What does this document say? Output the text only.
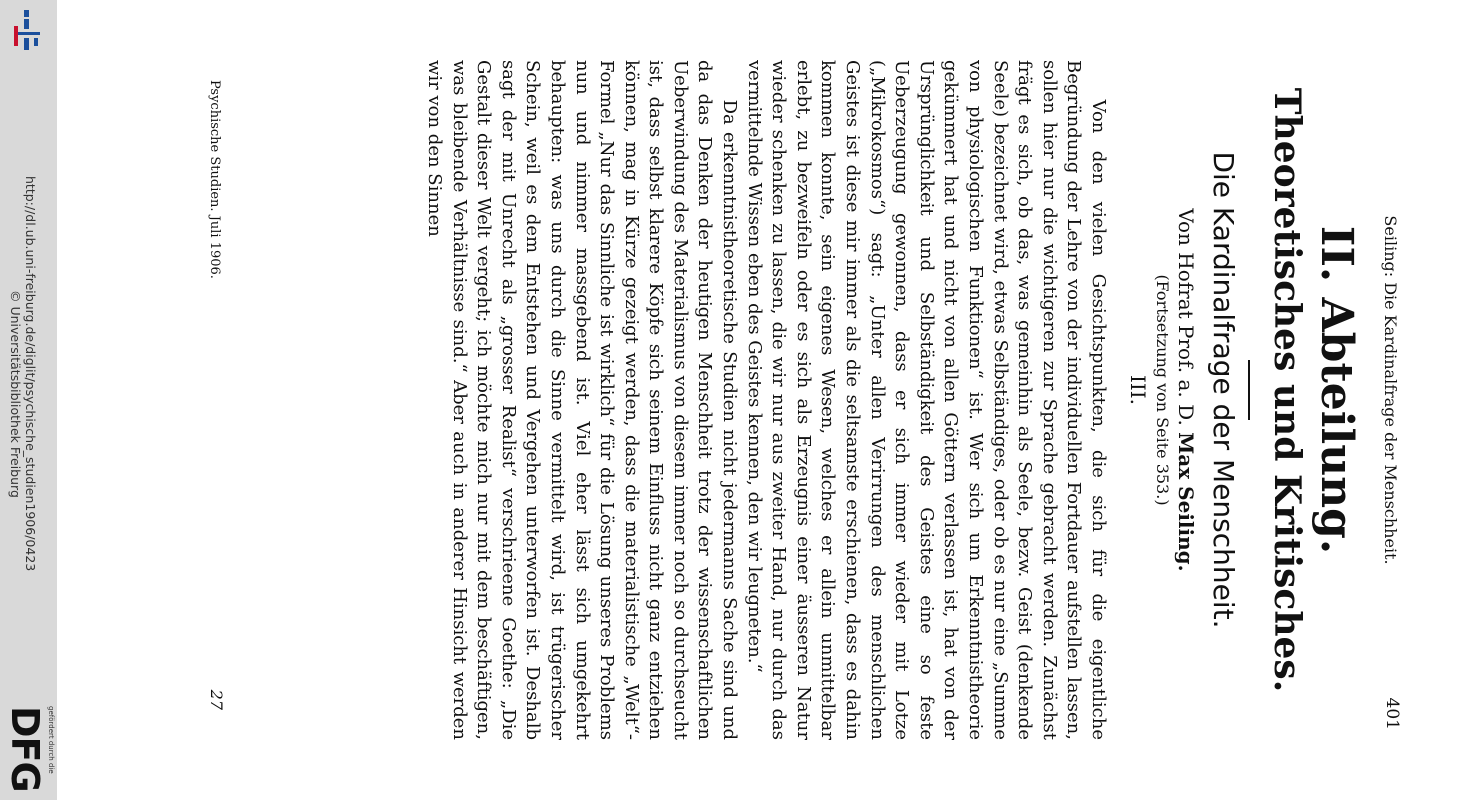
http://dl.ub.uni-freiburg.de/diglit/psychische_studien1906/0423
© Universitätsbibliothek Freiburg
DFG gefördert durch die
Seiling: Die Kardinalfrage der Menschheit.
401
II. Abteilung.
Theoretisches und Kritisches.
Die Kardinalfrage der Menschheit.
Von Hofrat Prof. a. D. Max Seiling.
(Fortsetzung von Seite 353.)
III.

Von den vielen Gesichtspunkten, die sich für die eigentliche Begründung der Lehre von der individuellen Fortdauer aufstellen lassen, sollen hier nur die wichtigeren zur Sprache gebracht werden. Zunächst frägt es sich, ob das, was gemeinhin als Seele, bezw. Geist (denkende Seele) bezeichnet wird, etwas Selbständiges, oder ob es nur eine „Summe von physiologischen Funktionen“ ist. Wer sich um Erkenntnistheorie gekümmert hat und nicht von allen Göttern verlassen ist, hat von der Ursprünglichkeit und Selbständigkeit des Geistes eine so feste Ueberzeugung gewonnen, dass er sich immer wieder mit Lotze („Mikrokosmos“) sagt: „Unter allen Verirrungen des menschlichen Geistes ist diese mir immer als die seltsamste erschienen, dass es dahin kommen konnte, sein eigenes Wesen, welches er allein unmittelbar erlebt, zu bezweifeln oder es sich als Erzeugnis einer äusseren Natur wieder schenken zu lassen, die wir nur aus zweiter Hand, nur durch das vermittelnde Wissen eben des Geistes kennen, den wir leugneten.“

Da erkenntnistheoretische Studien nicht jedermanns Sache sind und da das Denken der heutigen Menschheit trotz der wissenschaftlichen Ueberwindung des Materialismus von diesem immer noch so durchseucht ist, dass selbst klarere Köpfe sich seinem Einfluss nicht ganz entziehen können, mag in Kürze gezeigt werden, dass die materialistische „Welt“-Formel „Nur das Sinnliche ist wirklich“ für die Lösung unseres Problems nun und nimmer massgebend ist. Viel eher lässt sich umgekehrt behaupten: was uns durch die Sinne vermittelt wird, ist trügerischer Schein, weil es dem Entstehen und Vergehen unterworfen ist. Deshalb sagt der mit Unrecht als „grosser Realist“ verschrieene Goethe: „Die Gestalt dieser Welt vergeht; ich möchte mich nur mit dem beschäftigen, was bleibende Verhältnisse sind.“ Aber auch in anderer Hinsicht werden wir von den Sinnen

Psychische Studien. Juli 1906.
27
